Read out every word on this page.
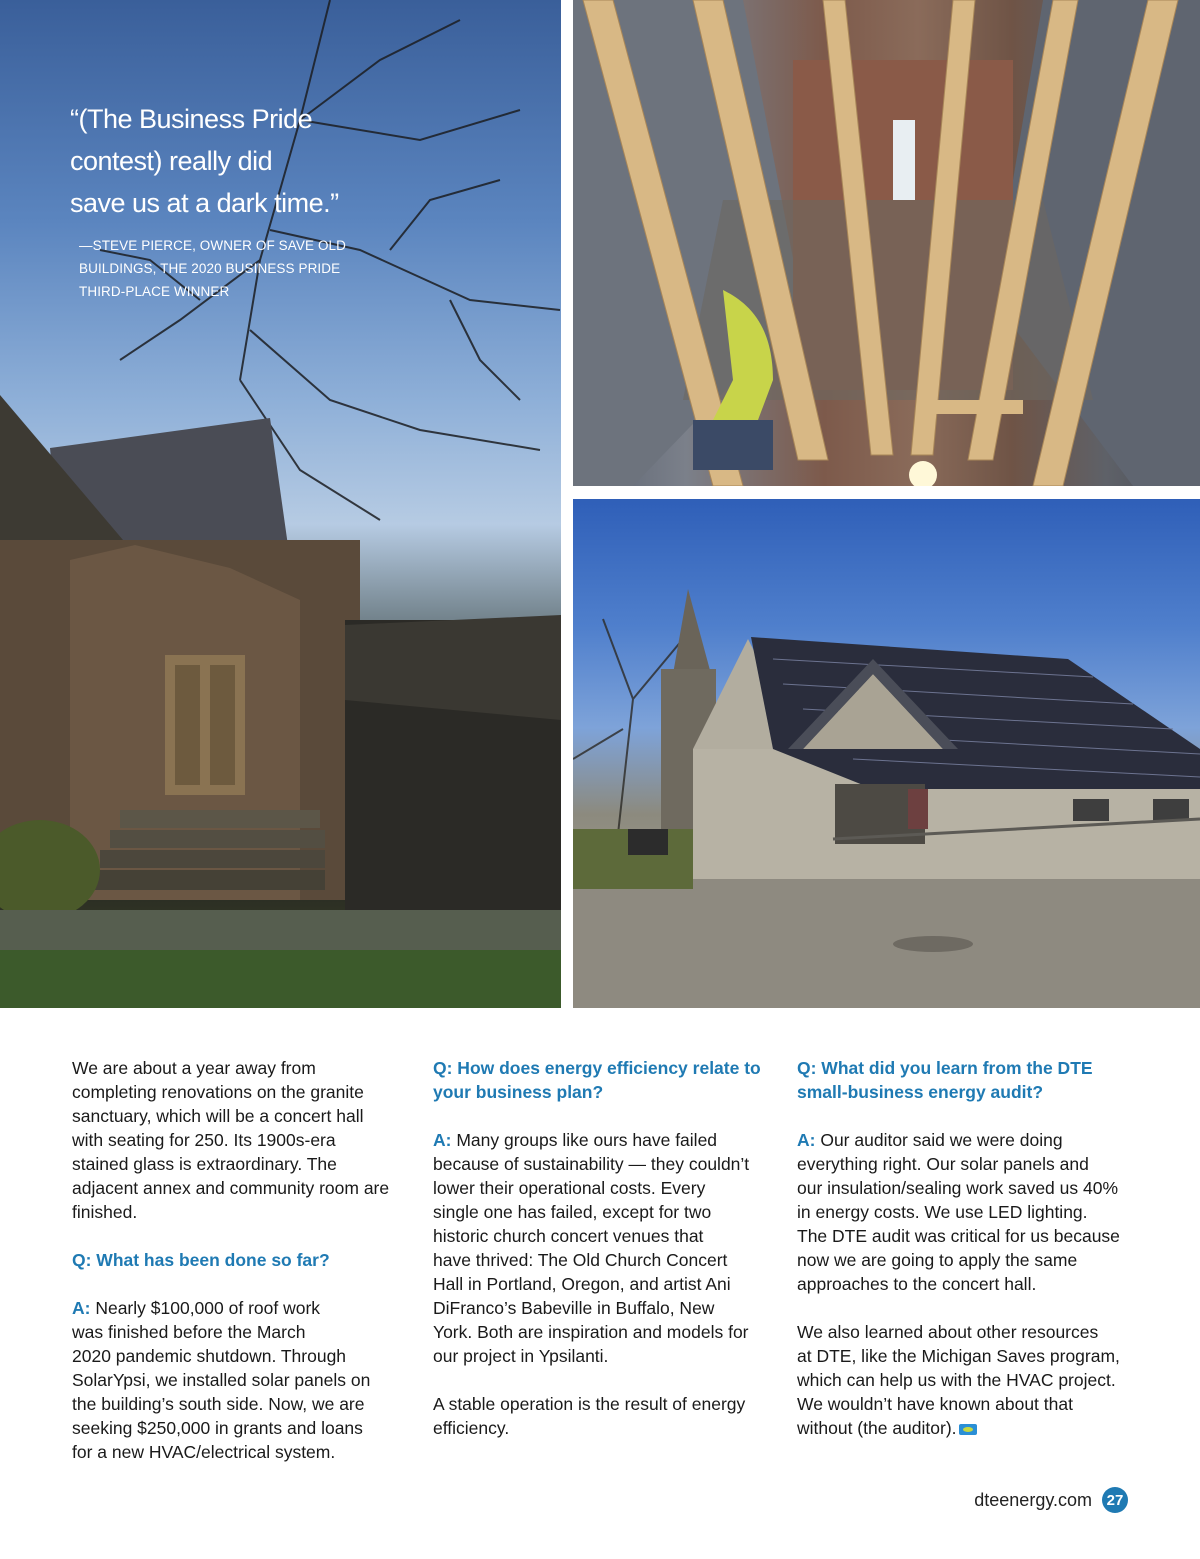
“(The Business Pride
contest) really did
save us at a dark time.”
—STEVE PIERCE, OWNER OF SAVE OLD
BUILDINGS, THE 2020 BUSINESS PRIDE
THIRD-PLACE WINNER

We are about a year away from
completing renovations on the granite
sanctuary, which will be a concert hall
with seating for 250. Its 1900s-era
stained glass is extraordinary. The
adjacent annex and community room are
finished.

Q: What has been done so far?

A: Nearly $100,000 of roof work
was finished before the March
2020 pandemic shutdown. Through
SolarYpsi, we installed solar panels on
the building’s south side. Now, we are
seeking $250,000 in grants and loans
for a new HVAC/electrical system.

Q: How does energy efficiency relate to
your business plan?

A: Many groups like ours have failed
because of sustainability — they couldn’t
lower their operational costs. Every
single one has failed, except for two
historic church concert venues that
have thrived: The Old Church Concert
Hall in Portland, Oregon, and artist Ani
DiFranco’s Babeville in Buffalo, New
York. Both are inspiration and models for
our project in Ypsilanti.

A stable operation is the result of energy
efficiency.

Q: What did you learn from the DTE
small-business energy audit?

A: Our auditor said we were doing
everything right. Our solar panels and
our insulation/sealing work saved us 40%
in energy costs. We use LED lighting.
The DTE audit was critical for us because
now we are going to apply the same
approaches to the concert hall.

We also learned about other resources
at DTE, like the Michigan Saves program,
which can help us with the HVAC project.
We wouldn’t have known about that
without (the auditor).

dteenergy.com 27
